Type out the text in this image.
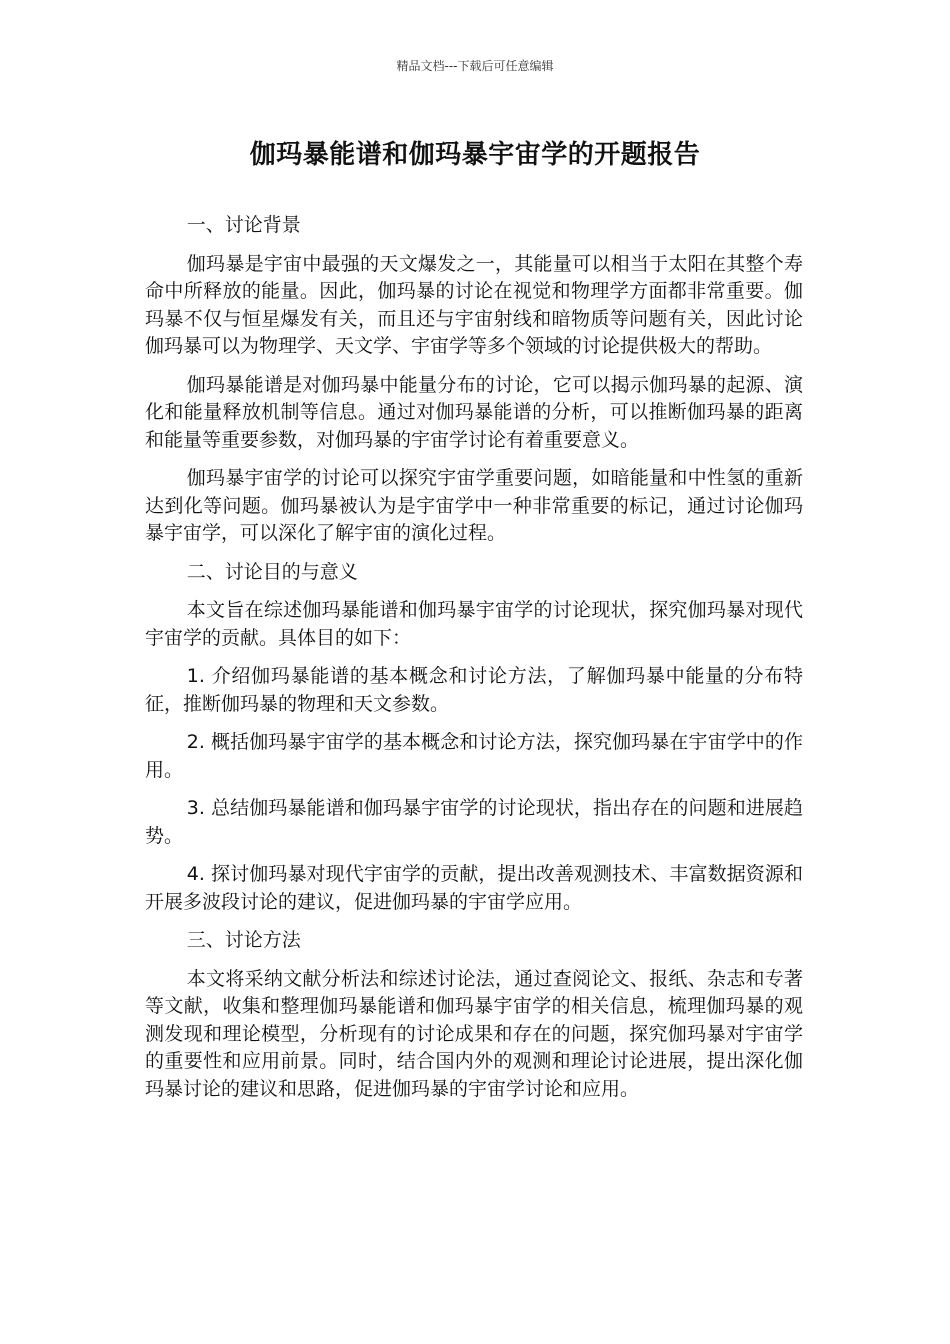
精品文档---下载后可任意编辑
伽玛暴能谱和伽玛暴宇宙学的开题报告

一、讨论背景

伽玛暴是宇宙中最强的天文爆发之一，其能量可以相当于太阳在其整个寿命中所释放的能量。因此，伽玛暴的讨论在视觉和物理学方面都非常重要。伽玛暴不仅与恒星爆发有关，而且还与宇宙射线和暗物质等问题有关，因此讨论伽玛暴可以为物理学、天文学、宇宙学等多个领域的讨论提供极大的帮助。

伽玛暴能谱是对伽玛暴中能量分布的讨论，它可以揭示伽玛暴的起源、演化和能量释放机制等信息。通过对伽玛暴能谱的分析，可以推断伽玛暴的距离和能量等重要参数，对伽玛暴的宇宙学讨论有着重要意义。

伽玛暴宇宙学的讨论可以探究宇宙学重要问题，如暗能量和中性氢的重新达到化等问题。伽玛暴被认为是宇宙学中一种非常重要的标记，通过讨论伽玛暴宇宙学，可以深化了解宇宙的演化过程。

二、讨论目的与意义

本文旨在综述伽玛暴能谱和伽玛暴宇宙学的讨论现状，探究伽玛暴对现代宇宙学的贡献。具体目的如下：

1. 介绍伽玛暴能谱的基本概念和讨论方法，了解伽玛暴中能量的分布特征，推断伽玛暴的物理和天文参数。

2. 概括伽玛暴宇宙学的基本概念和讨论方法，探究伽玛暴在宇宙学中的作用。

3. 总结伽玛暴能谱和伽玛暴宇宙学的讨论现状，指出存在的问题和进展趋势。

4. 探讨伽玛暴对现代宇宙学的贡献，提出改善观测技术、丰富数据资源和开展多波段讨论的建议，促进伽玛暴的宇宙学应用。

三、讨论方法

本文将采纳文献分析法和综述讨论法，通过查阅论文、报纸、杂志和专著等文献，收集和整理伽玛暴能谱和伽玛暴宇宙学的相关信息，梳理伽玛暴的观测发现和理论模型，分析现有的讨论成果和存在的问题，探究伽玛暴对宇宙学的重要性和应用前景。同时，结合国内外的观测和理论讨论进展，提出深化伽玛暴讨论的建议和思路，促进伽玛暴的宇宙学讨论和应用。
